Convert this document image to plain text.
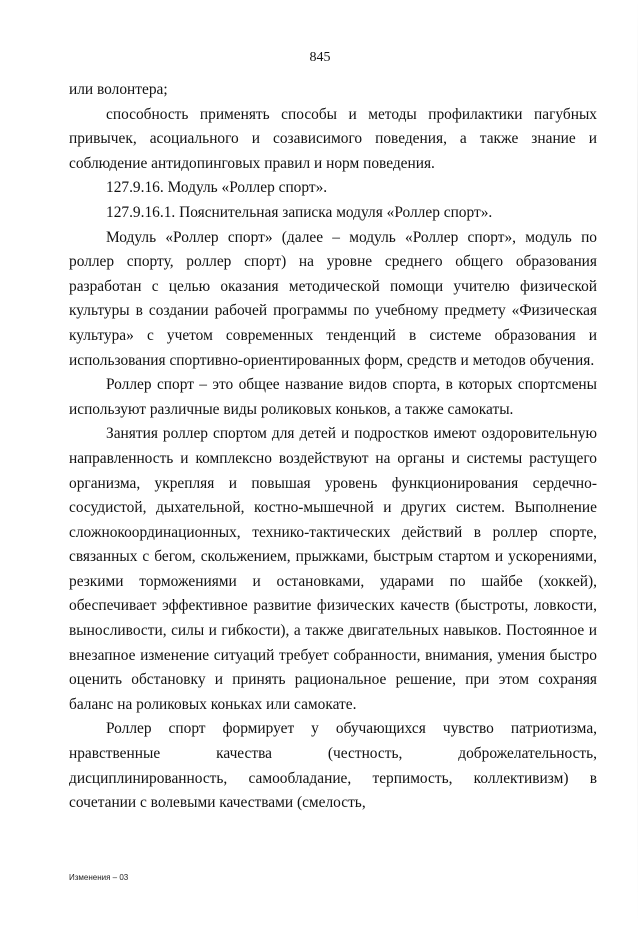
845

или волонтера;

способность применять способы и методы профилактики пагубных привычек, асоциального и созависимого поведения, а также знание и соблюдение антидопинговых правил и норм поведения.

127.9.16. Модуль «Роллер спорт».

127.9.16.1. Пояснительная записка модуля «Роллер спорт».

Модуль «Роллер спорт» (далее – модуль «Роллер спорт», модуль по роллер спорту, роллер спорт) на уровне среднего общего образования разработан с целью оказания методической помощи учителю физической культуры в создании рабочей программы по учебному предмету «Физическая культура» с учетом современных тенденций в системе образования и использования спортивно-ориентированных форм, средств и методов обучения.

Роллер спорт – это общее название видов спорта, в которых спортсмены используют различные виды роликовых коньков, а также самокаты.

Занятия роллер спортом для детей и подростков имеют оздоровительную направленность и комплексно воздействуют на органы и системы растущего организма, укрепляя и повышая уровень функционирования сердечно-сосудистой, дыхательной, костно-мышечной и других систем. Выполнение сложнокоординационных, технико-тактических действий в роллер спорте, связанных с бегом, скольжением, прыжками, быстрым стартом и ускорениями, резкими торможениями и остановками, ударами по шайбе (хоккей), обеспечивает эффективное развитие физических качеств (быстроты, ловкости, выносливости, силы и гибкости), а также двигательных навыков. Постоянное и внезапное изменение ситуаций требует собранности, внимания, умения быстро оценить обстановку и принять рациональное решение, при этом сохраняя баланс на роликовых коньках или самокате.

Роллер спорт формирует у обучающихся чувство патриотизма, нравственные качества (честность, доброжелательность, дисциплинированность, самообладание, терпимость, коллективизм) в сочетании с волевыми качествами (смелость,

Изменения – 03
